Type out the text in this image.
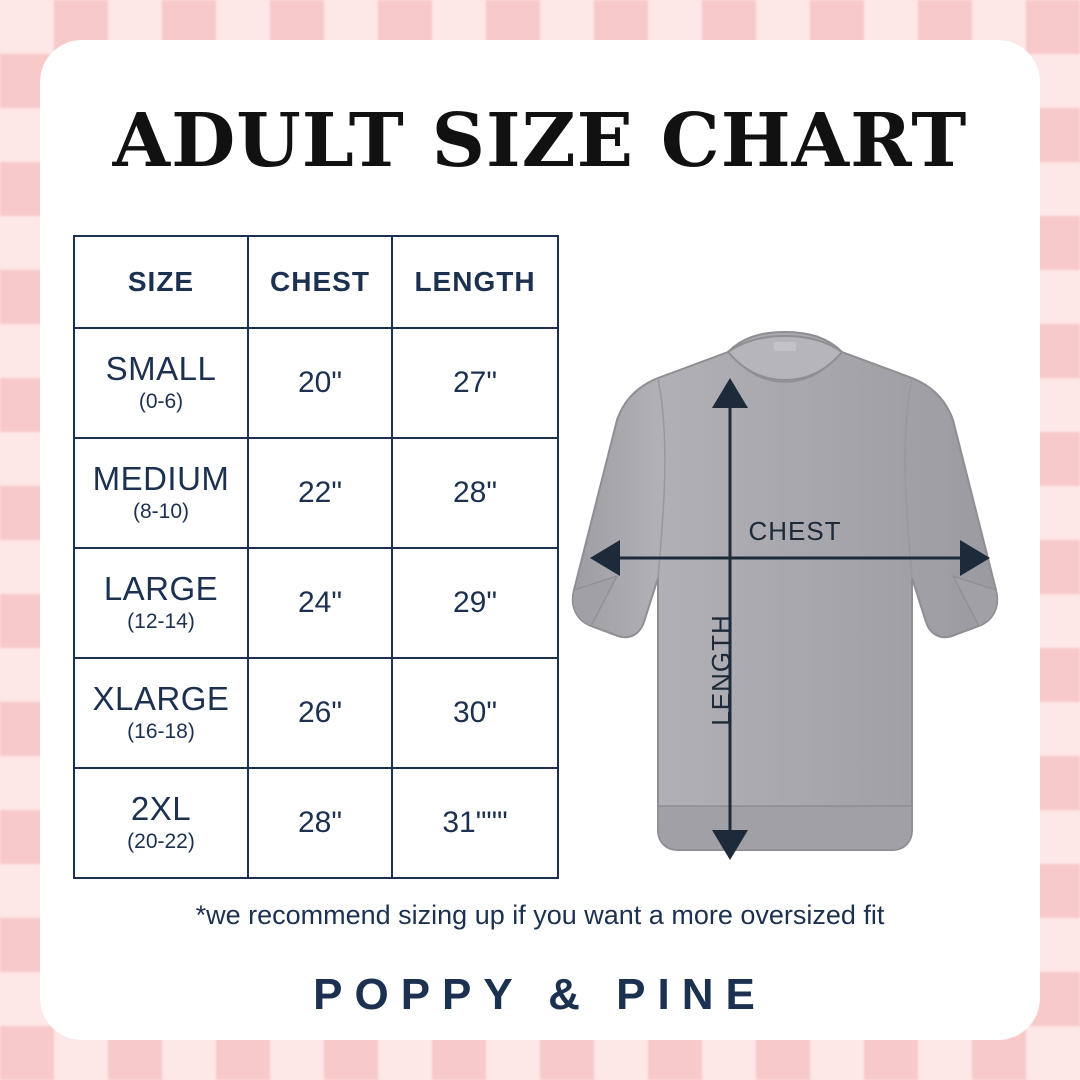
ADULT SIZE CHART
SIZE	CHEST	LENGTH

SMALL
(0-6)	20"	27"

MEDIUM
(8-10)	22"	28"

LARGE
(12-14)	24"	29"

XLARGE
(16-18)	26"	30"

2XL
(20-22)	28"	31"""
*we recommend sizing up if you want a more oversized fit
POPPY & PINE
CHEST
LENGTH
